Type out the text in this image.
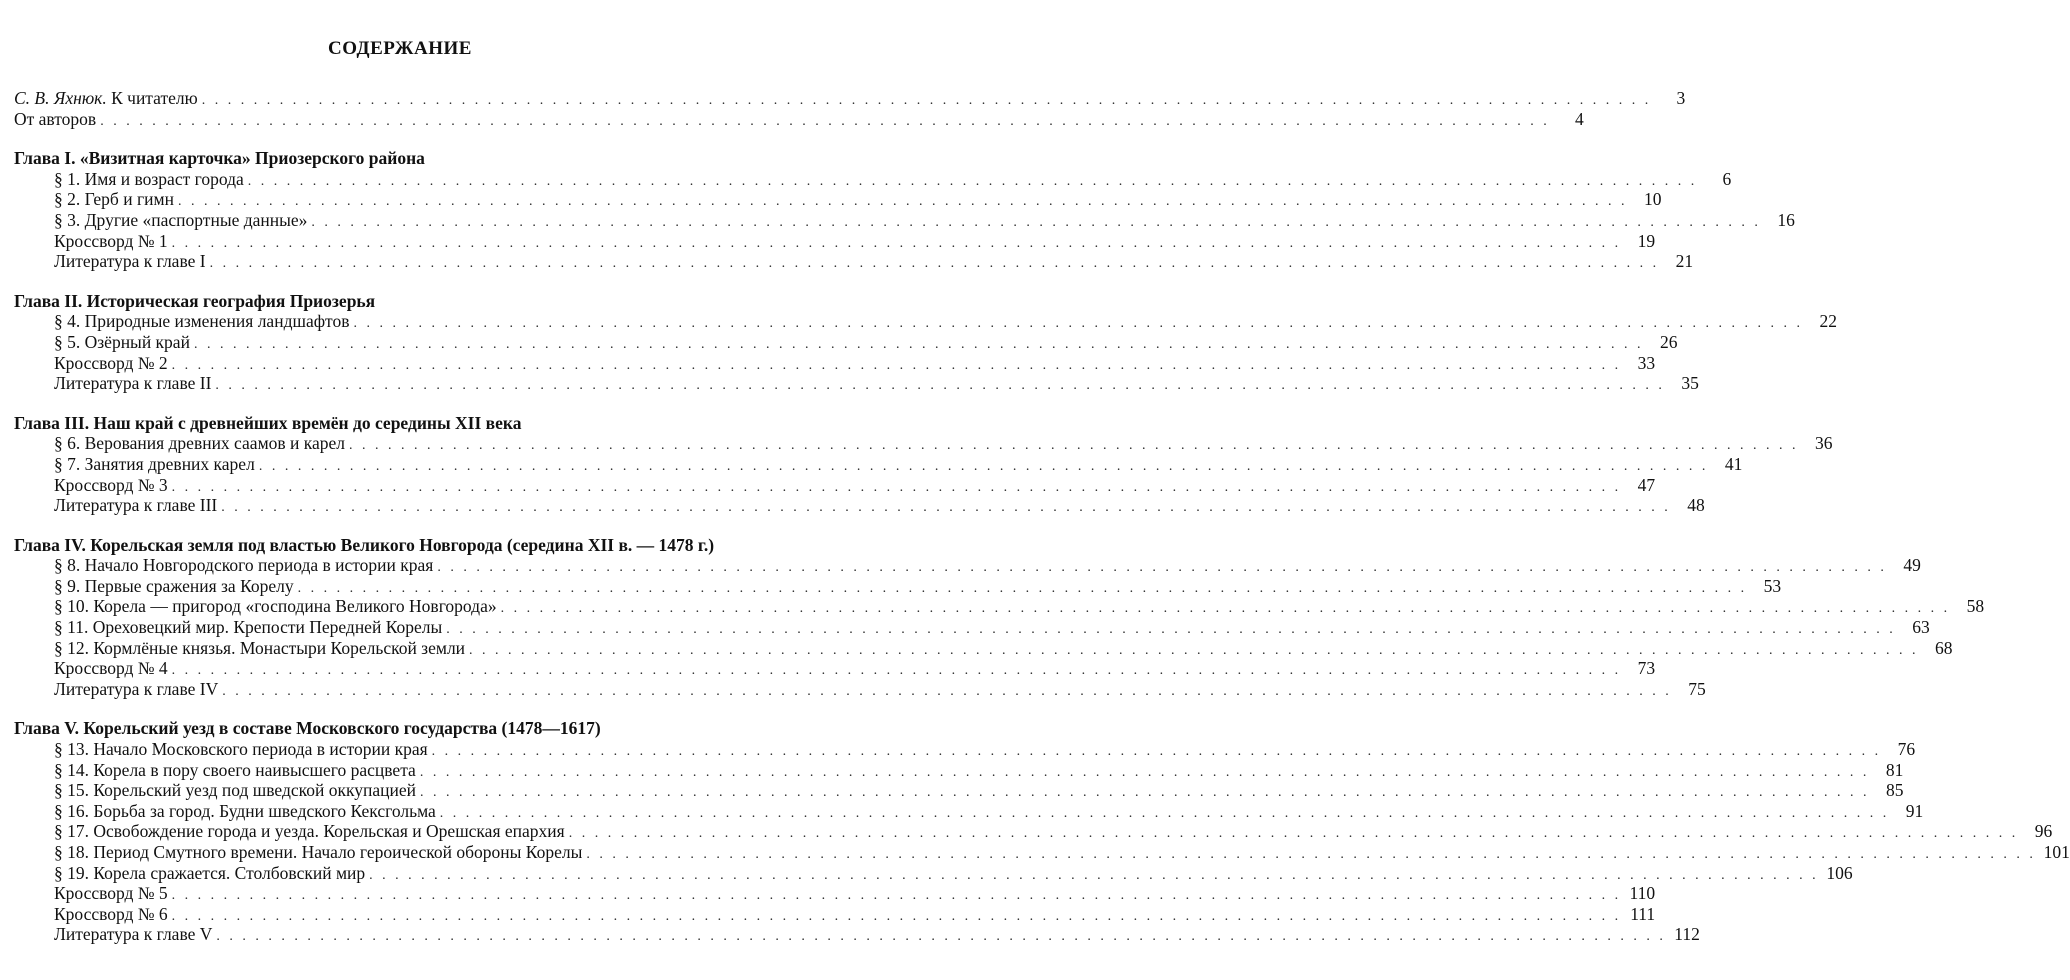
СОДЕРЖАНИЕ
С. В. Яхнюк. К читателю . . .	3
От авторов . . .	4
Глава I. «Визитная карточка» Приозерского района
§ 1. Имя и возраст города . . .	6
§ 2. Герб и гимн . . .	10
§ 3. Другие «паспортные данные» . . .	16
Кроссворд № 1 . . .	19
Литература к главе I . . .	21
Глава II. Историческая география Приозерья
§ 4. Природные изменения ландшафтов . . .	22
§ 5. Озёрный край . . .	26
Кроссворд № 2 . . .	33
Литература к главе II . . .	35
Глава III. Наш край с древнейших времён до середины XII века
§ 6. Верования древних саамов и карел . . .	36
§ 7. Занятия древних карел . . .	41
Кроссворд № 3 . . .	47
Литература к главе III . . .	48
Глава IV. Корельская земля под властью Великого Новгорода (середина XII в. — 1478 г.)
§ 8. Начало Новгородского периода в истории края . . .	49
§ 9. Первые сражения за Корелу . . .	53
§ 10. Корела — пригород «господина Великого Новгорода» . . .	58
§ 11. Ореховецкий мир. Крепости Передней Корелы . . .	63
§ 12. Кормлёные князья. Монастыри Корельской земли . . .	68
Кроссворд № 4 . . .	73
Литература к главе IV . . .	75
Глава V. Корельский уезд в составе Московского государства (1478—1617)
§ 13. Начало Московского периода в истории края . . .	76
§ 14. Корела в пору своего наивысшего расцвета . . .	81
§ 15. Корельский уезд под шведской оккупацией . . .	85
§ 16. Борьба за город. Будни шведского Кексгольма . . .	91
§ 17. Освобождение города и уезда. Корельская и Орешская епархия . . .	96
§ 18. Период Смутного времени. Начало героической обороны Корелы . . .	101
§ 19. Корела сражается. Столбовский мир . . .	106
Кроссворд № 5 . . .	110
Кроссворд № 6 . . .	111
Литература к главе V . . .	112
